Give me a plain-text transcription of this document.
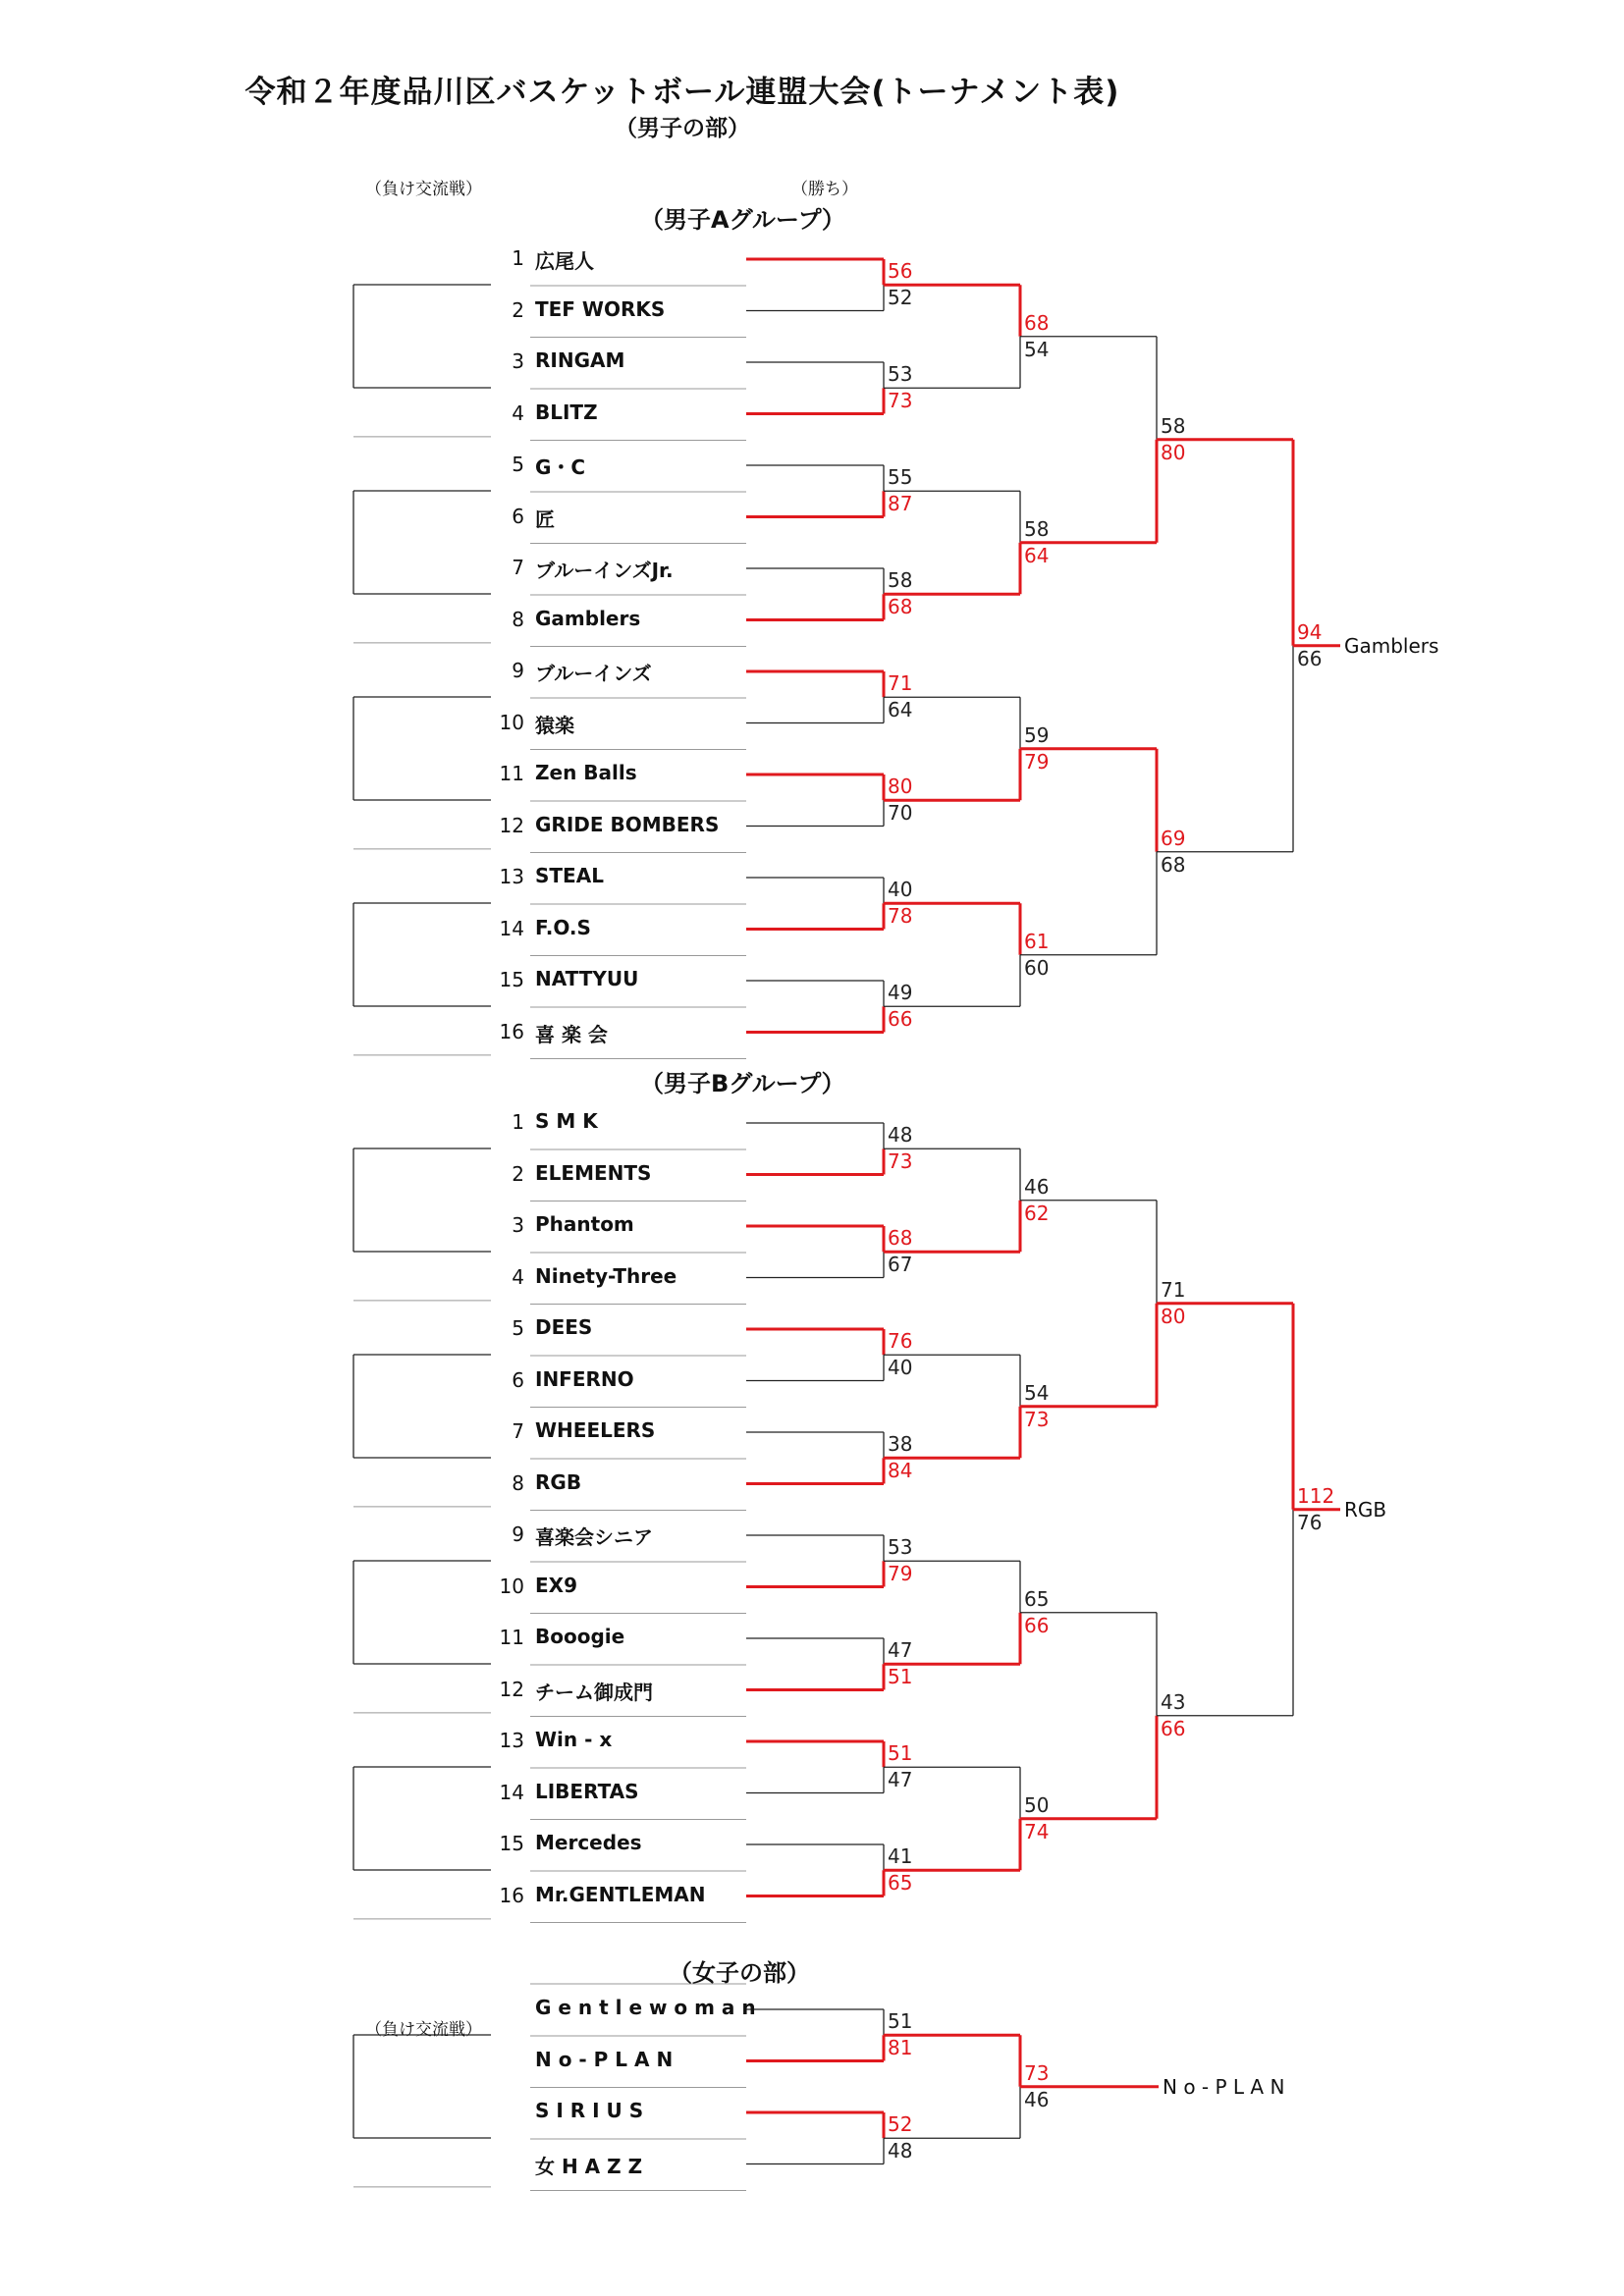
令和２年度品川区バスケットボール連盟大会(トーナメント表)
（男子の部）
（負け交流戦）	（勝ち）
（男子Aグループ）
（男子Bグループ）
（女子の部）
（負け交流戦）
1 広尾人
2 TEF WORKS
3 RINGAM
4 BLITZ
5 G・C
6 匠
7 ブルーインズJr.
8 Gamblers
9 ブルーインズ
10 猿楽
11 Zen Balls
12 GRIDE BOMBERS
13 STEAL
14 F.O.S
15 NATTYUU
16 喜 楽 会
56
52
53
73
55
87
58
68
71
64
80
70
40
78
49
66
68
54
58
64
59
79
61
60
58
80
69
68
94
66
Gamblers
1 S M K
2 ELEMENTS
3 Phantom
4 Ninety-Three
5 DEES
6 INFERNO
7 WHEELERS
8 RGB
9 喜楽会シニア
10 EX9
11 Booogie
12 チーム御成門
13 Win - x
14 LIBERTAS
15 Mercedes
16 Mr.GENTLEMAN
48
73
68
67
76
40
38
84
53
79
47
51
51
47
41
65
46
62
54
73
65
66
50
74
71
80
43
66
112
76
RGB
G e n t l e w o m a n
N o - P L A N
S I R I U S
女 H A Z Z
51
81
52
48
73
46
N o - P L A N
